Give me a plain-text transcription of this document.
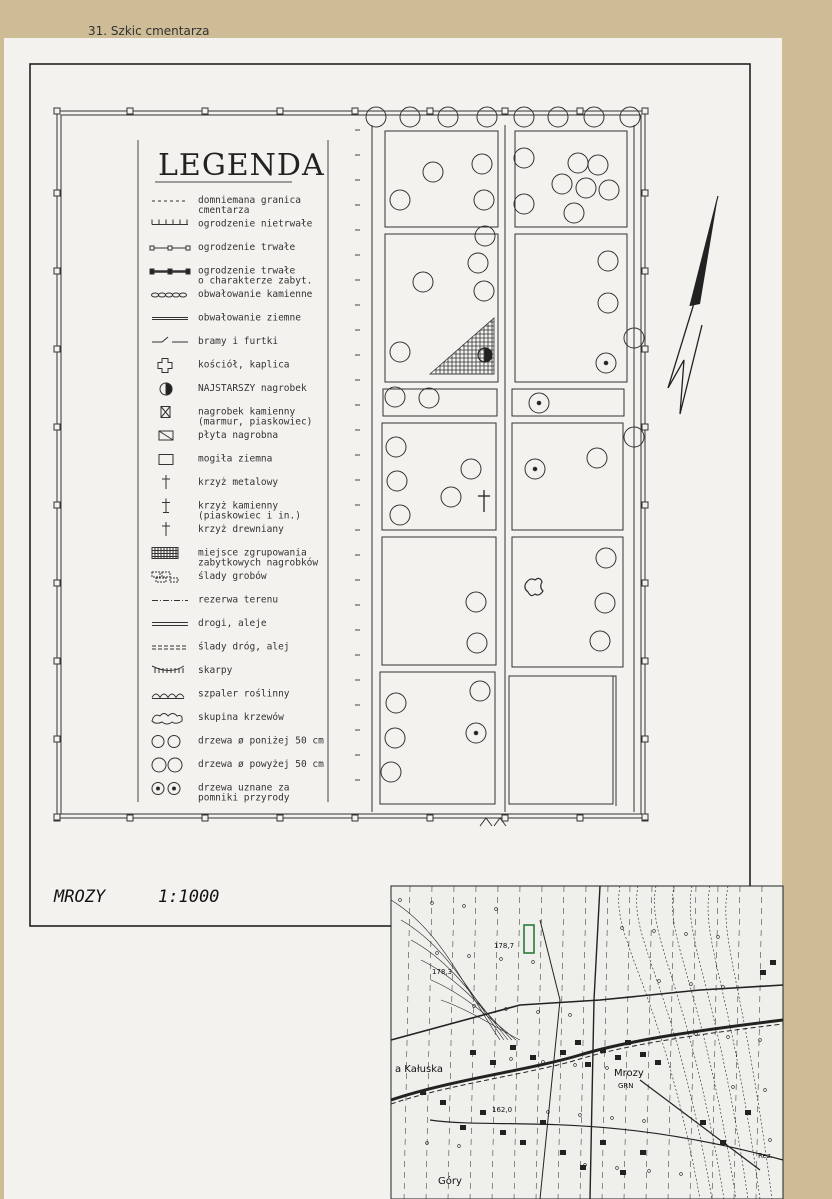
31. Szkic cmentarza
LEGENDA
domniemana granica
cmentarza
ogrodzenie nietrwałe
ogrodzenie trwałe
ogrodzenie trwałe
o charakterze zabyt.
obwałowanie kamienne
obwałowanie ziemne
bramy i furtki
kościół, kaplica
NAJSTARSZY nagrobek
nagrobek kamienny
(marmur, piaskowiec)
płyta nagrobna
mogiła ziemna
krzyż metalowy
krzyż kamienny
(piaskowiec i in.)
krzyż drewniany
miejsce zgrupowania
zabytkowych nagrobków
ślady grobów
rezerwa terenu
drogi, aleje
ślady dróg, alej
skarpy
szpaler roślinny
skupina krzewów
drzewa ø poniżej 50 cm
drzewa ø powyżej 50 cm
drzewa uznane za
pomniki przyrody
MROZY	1:1000
178,7
178,3
162,0
a Kałuska	Mrozy
GRN
Góry
Rez.
